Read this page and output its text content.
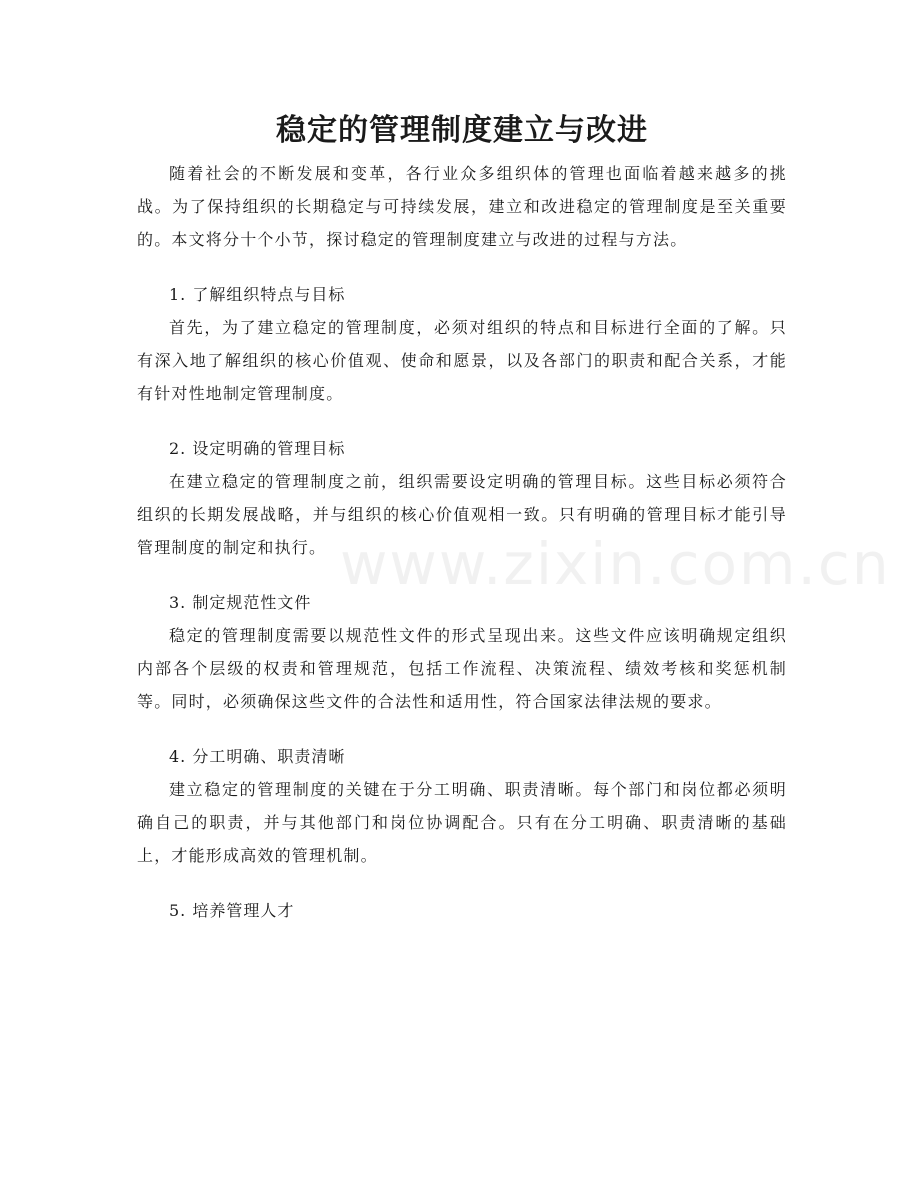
www.zixin.com.cn
稳定的管理制度建立与改进

随着社会的不断发展和变革，各行业众多组织体的管理也面临着越来越多的挑战。为了保持组织的长期稳定与可持续发展，建立和改进稳定的管理制度是至关重要的。本文将分十个小节，探讨稳定的管理制度建立与改进的过程与方法。

1. 了解组织特点与目标

首先，为了建立稳定的管理制度，必须对组织的特点和目标进行全面的了解。只有深入地了解组织的核心价值观、使命和愿景，以及各部门的职责和配合关系，才能有针对性地制定管理制度。

2. 设定明确的管理目标

在建立稳定的管理制度之前，组织需要设定明确的管理目标。这些目标必须符合组织的长期发展战略，并与组织的核心价值观相一致。只有明确的管理目标才能引导管理制度的制定和执行。

3. 制定规范性文件

稳定的管理制度需要以规范性文件的形式呈现出来。这些文件应该明确规定组织内部各个层级的权责和管理规范，包括工作流程、决策流程、绩效考核和奖惩机制等。同时，必须确保这些文件的合法性和适用性，符合国家法律法规的要求。

4. 分工明确、职责清晰

建立稳定的管理制度的关键在于分工明确、职责清晰。每个部门和岗位都必须明确自己的职责，并与其他部门和岗位协调配合。只有在分工明确、职责清晰的基础上，才能形成高效的管理机制。

5. 培养管理人才
